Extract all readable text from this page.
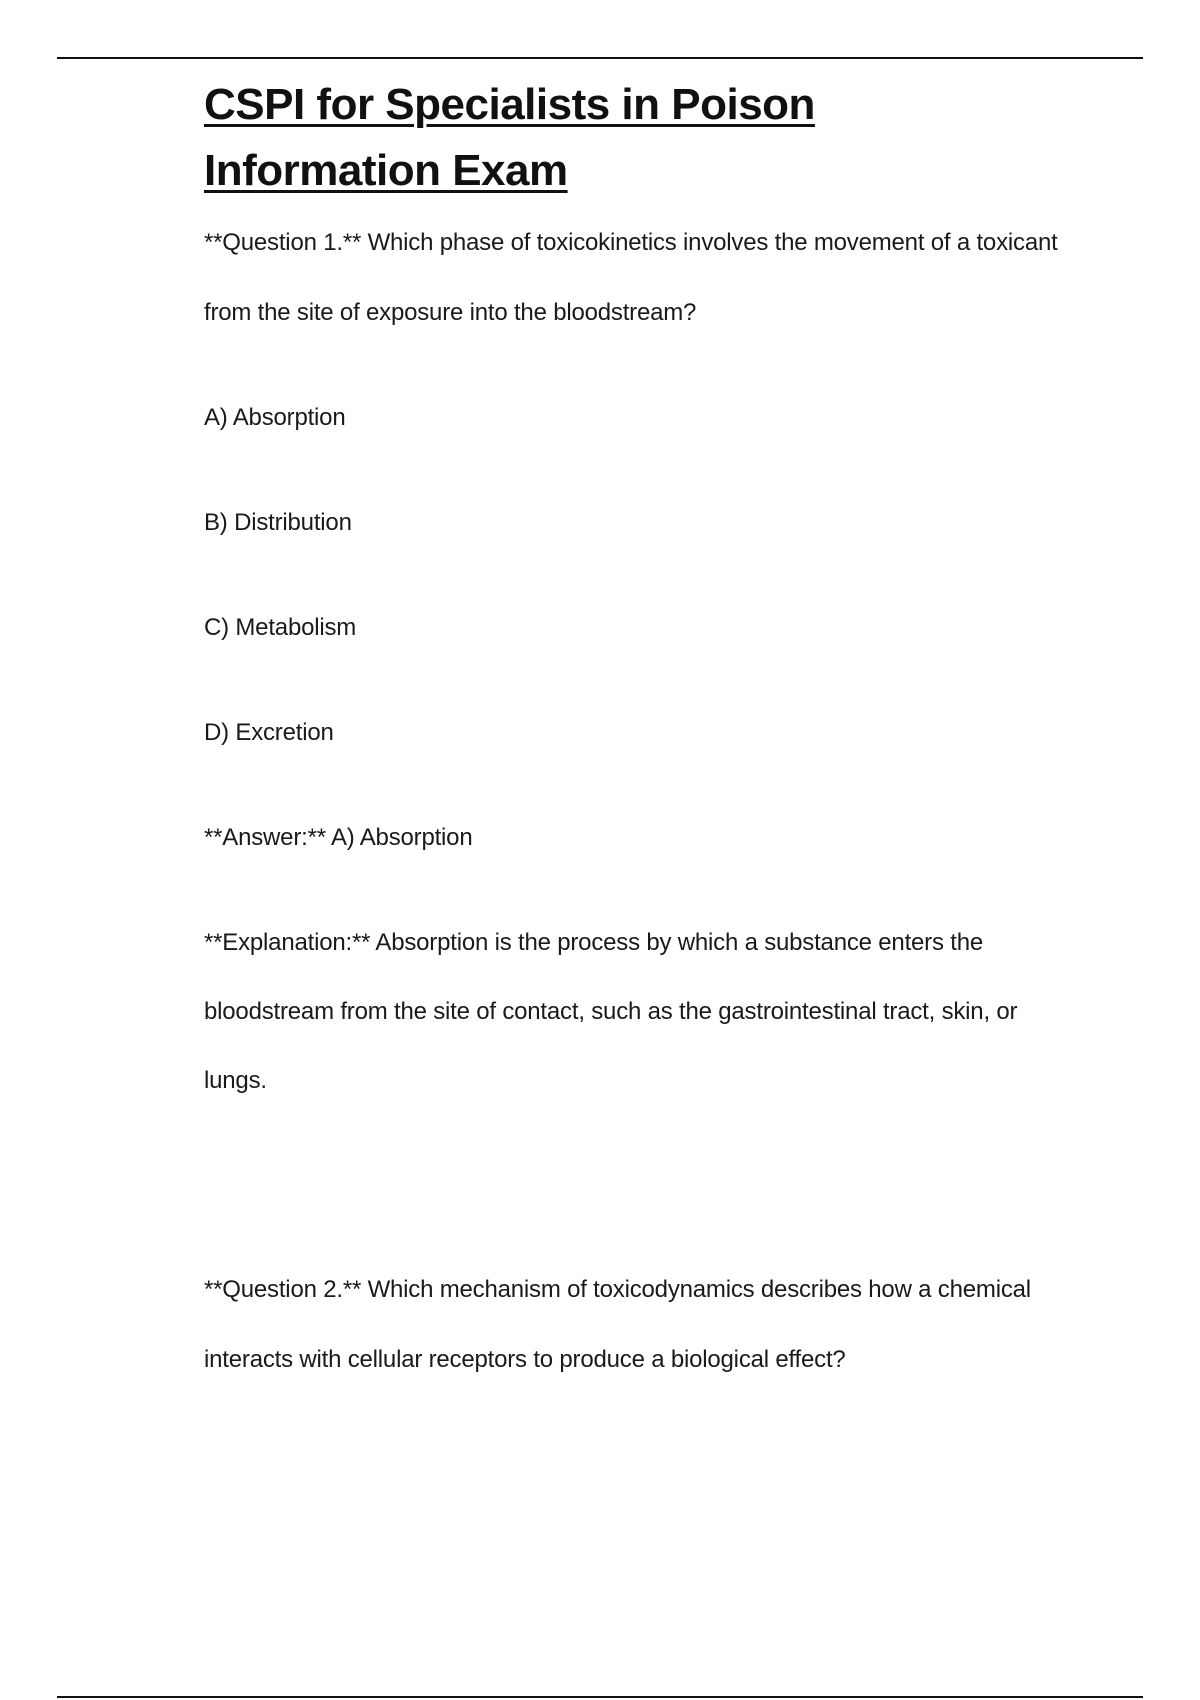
CSPI for Specialists in Poison
Information Exam

**Question 1.** Which phase of toxicokinetics involves the movement of a toxicant from the site of exposure into the bloodstream?

A) Absorption

B) Distribution

C) Metabolism

D) Excretion

**Answer:** A) Absorption

**Explanation:** Absorption is the process by which a substance enters the bloodstream from the site of contact, such as the gastrointestinal tract, skin, or lungs.

**Question 2.** Which mechanism of toxicodynamics describes how a chemical interacts with cellular receptors to produce a biological effect?
